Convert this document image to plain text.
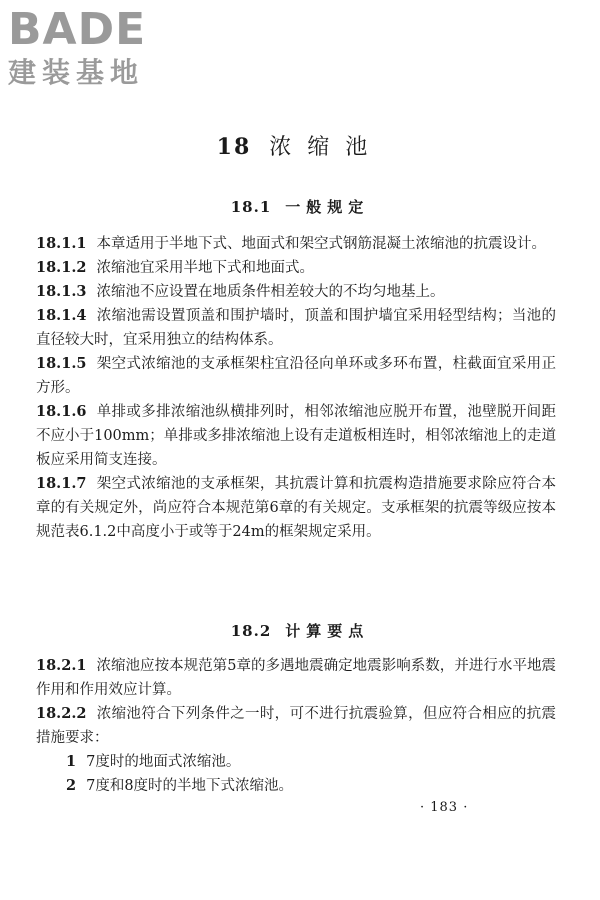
BADE
建装基地
18 浓缩池
18.1 一般规定

18.1.1 本章适用于半地下式、地面式和架空式钢筋混凝土浓缩池的抗震设计。

18.1.2 浓缩池宜采用半地下式和地面式。

18.1.3 浓缩池不应设置在地质条件相差较大的不均匀地基上。

18.1.4 浓缩池需设置顶盖和围护墙时，顶盖和围护墙宜采用轻型结构；当池的直径较大时，宜采用独立的结构体系。

18.1.5 架空式浓缩池的支承框架柱宜沿径向单环或多环布置，柱截面宜采用正方形。

18.1.6 单排或多排浓缩池纵横排列时，相邻浓缩池应脱开布置，池壁脱开间距不应小于100mm；单排或多排浓缩池上设有走道板相连时，相邻浓缩池上的走道板应采用简支连接。

18.1.7 架空式浓缩池的支承框架，其抗震计算和抗震构造措施要求除应符合本章的有关规定外，尚应符合本规范第6章的有关规定。支承框架的抗震等级应按本规范表6.1.2中高度小于或等于24m的框架规定采用。

18.2 计算要点

18.2.1 浓缩池应按本规范第5章的多遇地震确定地震影响系数，并进行水平地震作用和作用效应计算。

18.2.2 浓缩池符合下列条件之一时，可不进行抗震验算，但应符合相应的抗震措施要求：

1 7度时的地面式浓缩池。

2 7度和8度时的半地下式浓缩池。

· 183 ·
